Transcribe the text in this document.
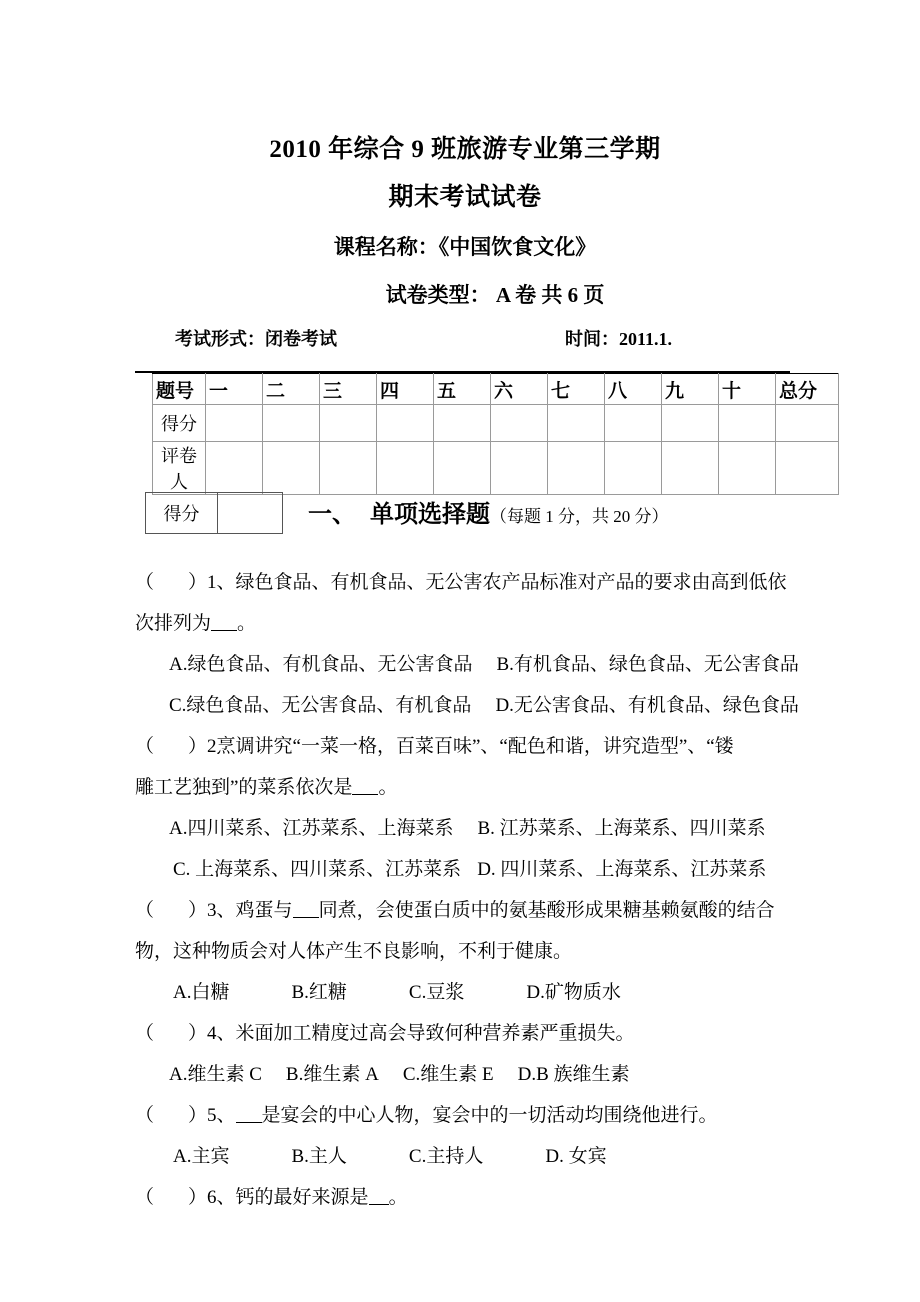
2010 年综合 9 班旅游专业第三学期
期末考试试卷
课程名称：《中国饮食文化》
试卷类型： A 卷 共 6 页
考试形式：闭卷考试	时间：2011.1.
题号	一	二	三	四	五	六	七	八	九	十	总分
得分											
评卷人											
得分	一、 单项选择题（每题 1 分，共 20 分）
（ ）1、绿色食品、有机食品、无公害农产品标准对产品的要求由高到低依
次排列为 。
A.绿色食品、有机食品、无公害食品 B.有机食品、绿色食品、无公害食品
C.绿色食品、无公害食品、有机食品 D.无公害食品、有机食品、绿色食品
（ ）2烹调讲究“一菜一格，百菜百味”、“配色和谐，讲究造型”、“镂
雕工艺独到”的菜系依次是 。
A.四川菜系、江苏菜系、上海菜系 B. 江苏菜系、上海菜系、四川菜系
C. 上海菜系、四川菜系、江苏菜系 D. 四川菜系、上海菜系、江苏菜系
（ ）3、鸡蛋与 同煮，会使蛋白质中的氨基酸形成果糖基赖氨酸的结合
物，这种物质会对人体产生不良影响，不利于健康。
A.白糖	B.红糖	C.豆浆	D.矿物质水
（ ）4、米面加工精度过高会导致何种营养素严重损失。
A.维生素 C B.维生素 A C.维生素 E D.B 族维生素
（ ）5、 是宴会的中心人物，宴会中的一切活动均围绕他进行。
A.主宾	B.主人	C.主持人	D. 女宾
（ ）6、钙的最好来源是 。
